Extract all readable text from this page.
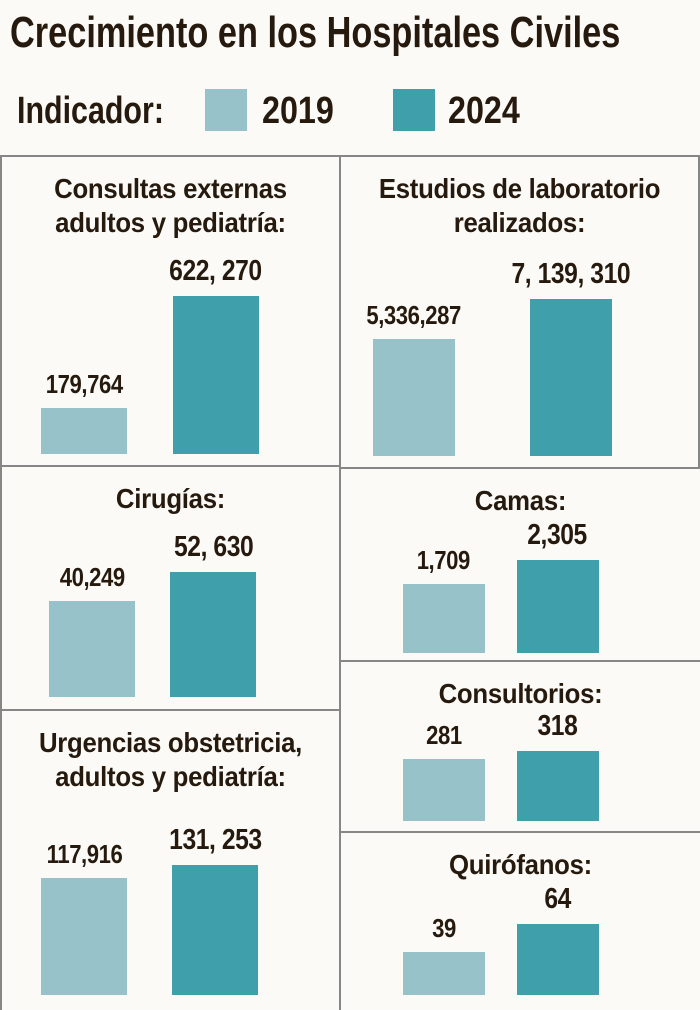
Crecimiento en los Hospitales Civiles
Indicador:	2019	2024
Consultas externas
adultos y pediatría:
179,764
622, 270
Cirugías:
40,249
52, 630
Urgencias obstetricia,
adultos y pediatría:
117,916 131, 253
Estudios de laboratorio
realizados:
5,336,287
7, 139, 310
Camas:
1,709
2,305
Consultorios:
281	318
Quirófanos:
39
64
